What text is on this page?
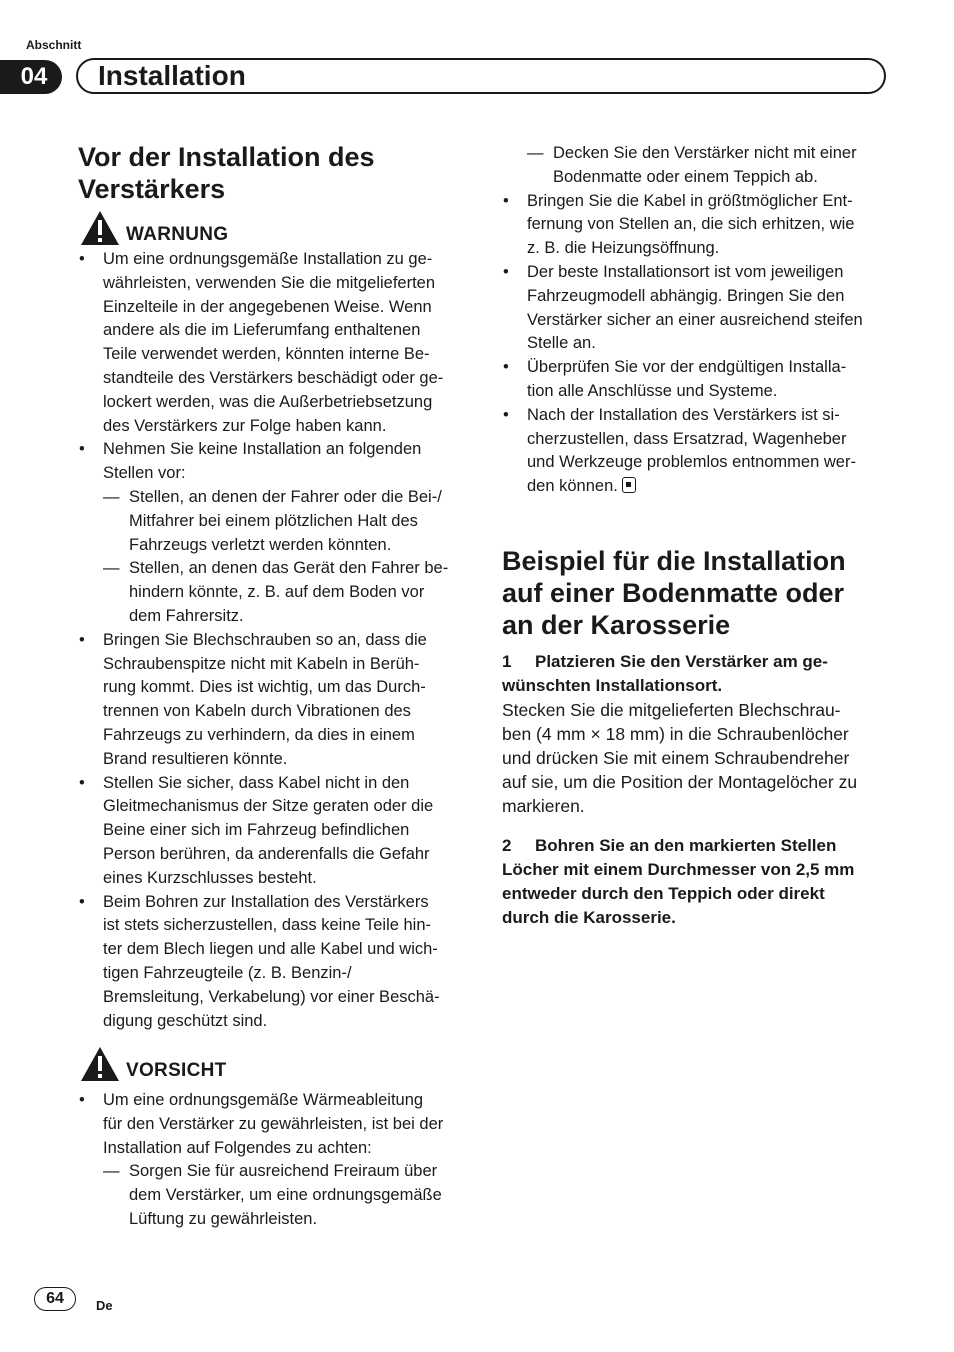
Abschnitt
04	Installation
Vor der Installation des Verstärkers
WARNUNG
• Um eine ordnungsgemäße Installation zu ge-
währleisten, verwenden Sie die mitgelieferten
Einzelteile in der angegebenen Weise. Wenn
andere als die im Lieferumfang enthaltenen
Teile verwendet werden, könnten interne Be-
standteile des Verstärkers beschädigt oder ge-
lockert werden, was die Außerbetriebsetzung
des Verstärkers zur Folge haben kann.
• Nehmen Sie keine Installation an folgenden
Stellen vor:
— Stellen, an denen der Fahrer oder die Bei-/
Mitfahrer bei einem plötzlichen Halt des
Fahrzeugs verletzt werden könnten.
— Stellen, an denen das Gerät den Fahrer be-
hindern könnte, z. B. auf dem Boden vor
dem Fahrersitz.
• Bringen Sie Blechschrauben so an, dass die
Schraubenspitze nicht mit Kabeln in Berüh-
rung kommt. Dies ist wichtig, um das Durch-
trennen von Kabeln durch Vibrationen des
Fahrzeugs zu verhindern, da dies in einem
Brand resultieren könnte.
• Stellen Sie sicher, dass Kabel nicht in den
Gleitmechanismus der Sitze geraten oder die
Beine einer sich im Fahrzeug befindlichen
Person berühren, da anderenfalls die Gefahr
eines Kurzschlusses besteht.
• Beim Bohren zur Installation des Verstärkers
ist stets sicherzustellen, dass keine Teile hin-
ter dem Blech liegen und alle Kabel und wich-
tigen Fahrzeugteile (z. B. Benzin-/
Bremsleitung, Verkabelung) vor einer Beschä-
digung geschützt sind.
VORSICHT
• Um eine ordnungsgemäße Wärmeableitung
für den Verstärker zu gewährleisten, ist bei der
Installation auf Folgendes zu achten:
— Sorgen Sie für ausreichend Freiraum über
dem Verstärker, um eine ordnungsgemäße
Lüftung zu gewährleisten.
— Decken Sie den Verstärker nicht mit einer
Bodenmatte oder einem Teppich ab.
• Bringen Sie die Kabel in größtmöglicher Ent-
fernung von Stellen an, die sich erhitzen, wie
z. B. die Heizungsöffnung.
• Der beste Installationsort ist vom jeweiligen
Fahrzeugmodell abhängig. Bringen Sie den
Verstärker sicher an einer ausreichend steifen
Stelle an.
• Überprüfen Sie vor der endgültigen Installa-
tion alle Anschlüsse und Systeme.
• Nach der Installation des Verstärkers ist si-
cherzustellen, dass Ersatzrad, Wagenheber
und Werkzeuge problemlos entnommen wer-
den können.
Beispiel für die Installation
auf einer Bodenmatte oder
an der Karosserie
1 Platzieren Sie den Verstärker am ge-
wünschten Installationsort.
Stecken Sie die mitgelieferten Blechschrau-
ben (4 mm × 18 mm) in die Schraubenlöcher
und drücken Sie mit einem Schraubendreher
auf sie, um die Position der Montagelöcher zu
markieren.
2 Bohren Sie an den markierten Stellen
Löcher mit einem Durchmesser von 2,5 mm
entweder durch den Teppich oder direkt
durch die Karosserie.
64	De
